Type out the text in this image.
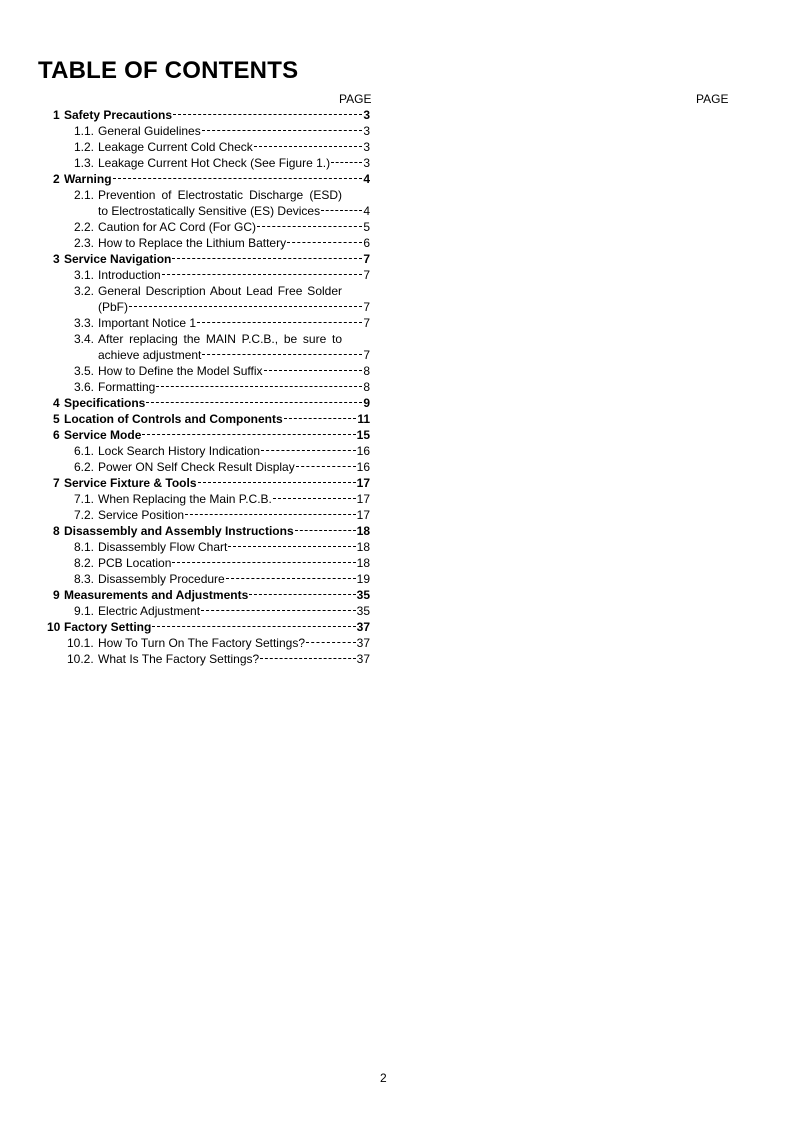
TABLE OF CONTENTS
PAGE	PAGE
1 Safety Precautions	3
1.1. General Guidelines	3
1.2. Leakage Current Cold Check	3
1.3. Leakage Current Hot Check (See Figure 1.)	3
2 Warning	4
2.1. Prevention of Electrostatic Discharge (ESD)
to Electrostatically Sensitive (ES) Devices	4
2.2. Caution for AC Cord (For GC)	5
2.3. How to Replace the Lithium Battery	6
3 Service Navigation	7
3.1. Introduction	7
3.2. General Description About Lead Free Solder
(PbF)	7
3.3. Important Notice 1	7
3.4. After replacing the MAIN P.C.B., be sure to
achieve adjustment	7
3.5. How to Define the Model Suffix	8
3.6. Formatting	8
4 Specifications	9
5 Location of Controls and Components	11
6 Service Mode	15
6.1. Lock Search History Indication	16
6.2. Power ON Self Check Result Display	16
7 Service Fixture & Tools	17
7.1. When Replacing the Main P.C.B.	17
7.2. Service Position	17
8 Disassembly and Assembly Instructions	18
8.1. Disassembly Flow Chart	18
8.2. PCB Location	18
8.3. Disassembly Procedure	19
9 Measurements and Adjustments	35
9.1. Electric Adjustment	35
10 Factory Setting	37
10.1. How To Turn On The Factory Settings?	37
10.2. What Is The Factory Settings?	37
2
